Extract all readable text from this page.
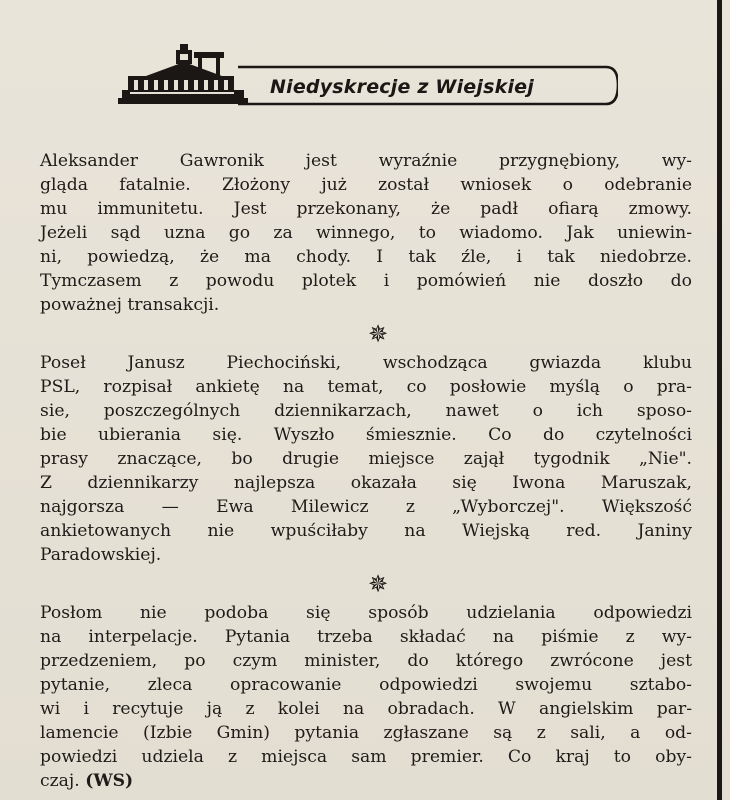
Niedyskrecje z Wiejskiej
Aleksander Gawronik jest wyraźnie przygnębiony, wy-
gląda fatalnie. Złożony już został wniosek o odebranie
mu immunitetu. Jest przekonany, że padł ofiarą zmowy.
Jeżeli sąd uzna go za winnego, to wiadomo. Jak uniewin-
ni, powiedzą, że ma chody. I tak źle, i tak niedobrze.
Tymczasem z powodu plotek i pomówień nie doszło do
poważnej transakcji.
✵
Poseł Janusz Piechociński, wschodząca gwiazda klubu
PSL, rozpisał ankietę na temat, co posłowie myślą o pra-
sie, poszczególnych dziennikarzach, nawet o ich sposo-
bie ubierania się. Wyszło śmiesznie. Co do czytelności
prasy znaczące, bo drugie miejsce zajął tygodnik „Nie".
Z dziennikarzy najlepsza okazała się Iwona Maruszak,
najgorsza — Ewa Milewicz z „Wyborczej". Większość
ankietowanych nie wpuściłaby na Wiejską red. Janiny
Paradowskiej.
✵
Posłom nie podoba się sposób udzielania odpowiedzi
na interpelacje. Pytania trzeba składać na piśmie z wy-
przedzeniem, po czym minister, do którego zwrócone jest
pytanie, zleca opracowanie odpowiedzi swojemu sztabo-
wi i recytuje ją z kolei na obradach. W angielskim par-
lamencie (Izbie Gmin) pytania zgłaszane są z sali, a od-
powiedzi udziela z miejsca sam premier. Co kraj to oby-
czaj. (WS)
